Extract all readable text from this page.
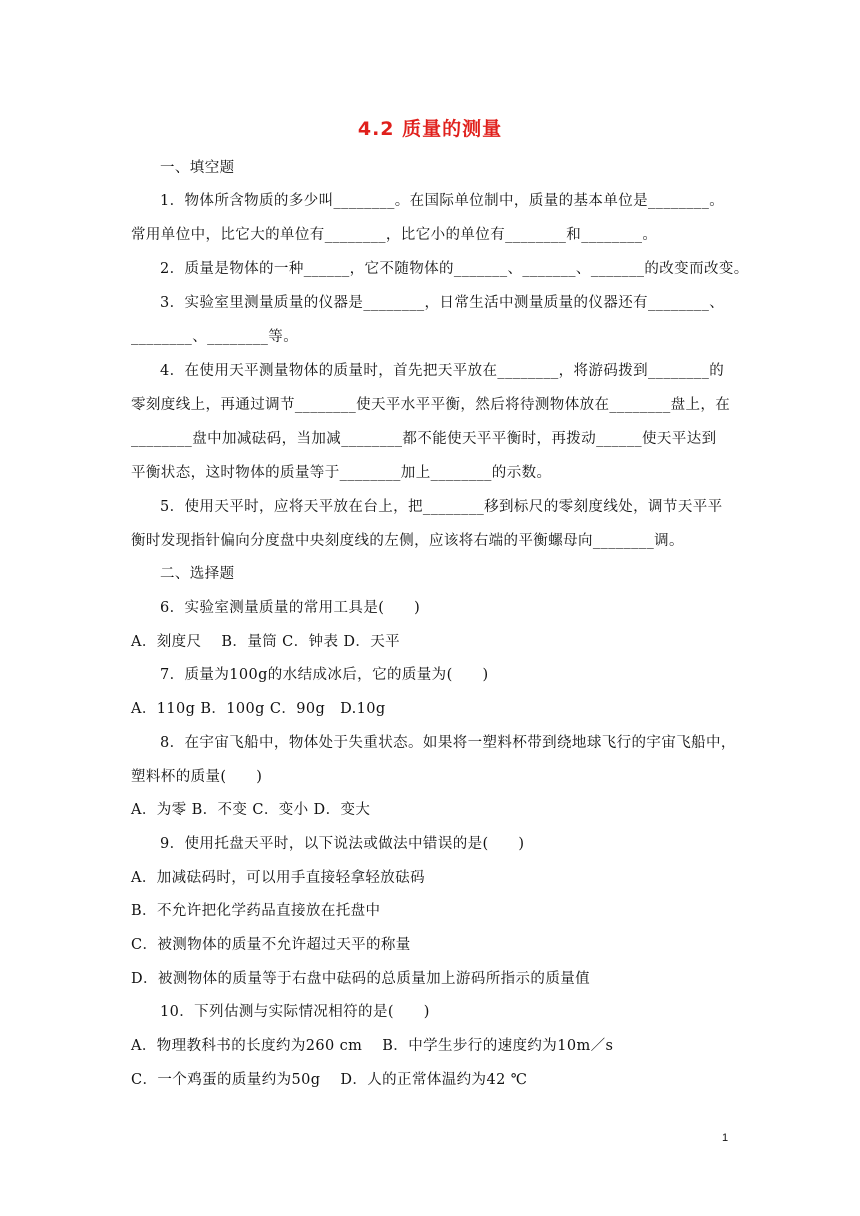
4.2 质量的测量
一、填空题
1．物体所含物质的多少叫________。在国际单位制中，质量的基本单位是________。
常用单位中，比它大的单位有________，比它小的单位有________和________。
2．质量是物体的一种______，它不随物体的_______、_______、_______的改变而改变。
3．实验室里测量质量的仪器是________，日常生活中测量质量的仪器还有________、
________、________等。
4．在使用天平测量物体的质量时，首先把天平放在________，将游码拨到________的
零刻度线上，再通过调节________使天平水平平衡，然后将待测物体放在________盘上，在
________盘中加减砝码，当加减________都不能使天平平衡时，再拨动______使天平达到
平衡状态，这时物体的质量等于________加上________的示数。
5．使用天平时，应将天平放在台上，把________移到标尺的零刻度线处，调节天平平
衡时发现指针偏向分度盘中央刻度线的左侧，应该将右端的平衡螺母向________调。
二、选择题
6．实验室测量质量的常用工具是(　　)
A．刻度尺　 B．量筒 C．钟表 D．天平
7．质量为100g的水结成冰后，它的质量为(　　)
A．110g B．100g C．90g　D.10g
8．在宇宙飞船中，物体处于失重状态。如果将一塑料杯带到绕地球飞行的宇宙飞船中，
塑料杯的质量(　　)
A．为零 B．不变 C．变小 D．变大
9．使用托盘天平时，以下说法或做法中错误的是(　　)
A．加减砝码时，可以用手直接轻拿轻放砝码
B．不允许把化学药品直接放在托盘中
C．被测物体的质量不允许超过天平的称量
D．被测物体的质量等于右盘中砝码的总质量加上游码所指示的质量值
10．下列估测与实际情况相符的是(　　)
A．物理教科书的长度约为260 cm　 B．中学生步行的速度约为10m／s
C．一个鸡蛋的质量约为50g　 D．人的正常体温约为42 ℃
1
